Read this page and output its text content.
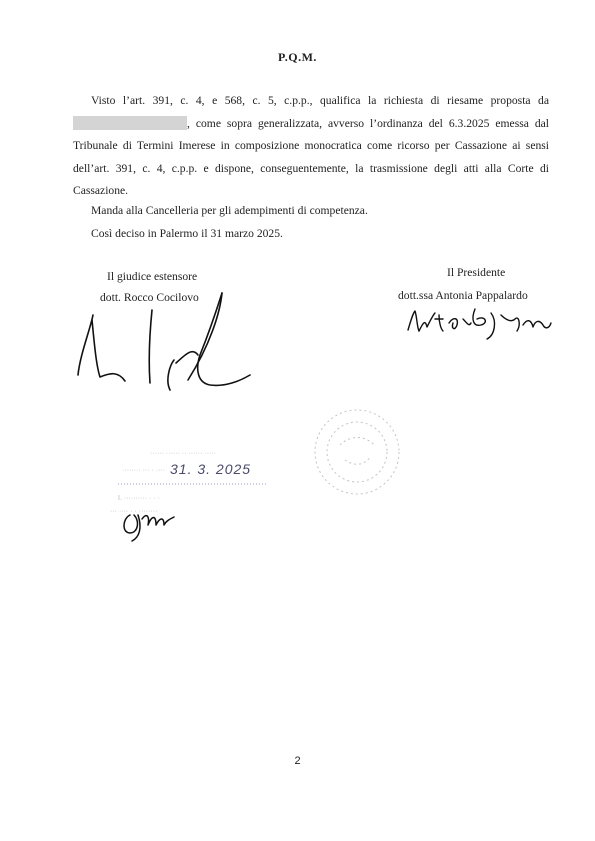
P.Q.M.

Visto l’art. 391, c. 4, e 568, c. 5, c.p.p., qualifica la richiesta di riesame proposta da , come sopra generalizzata, avverso l’ordinanza del 6.3.2025 emessa dal Tribunale di Termini Imerese in composizione monocratica come ricorso per Cassazione ai sensi dell’art. 391, c. 4, c.p.p. e dispone, conseguentemente, la trasmissione degli atti alla Corte di Cassazione.

Manda alla Cancelleria per gli adempimenti di competenza.

Così deciso in Palermo il 31 marzo 2025.

Il giudice estensore
dott. Rocco Cocilovo
Il Presidente
dott.ssa Antonia Pappalardo
······ ······ ·· ······ ·····
········ ··· · ···· 31. 3. 2025
I. ·········· · · ·
··· ···· · · ········
2
